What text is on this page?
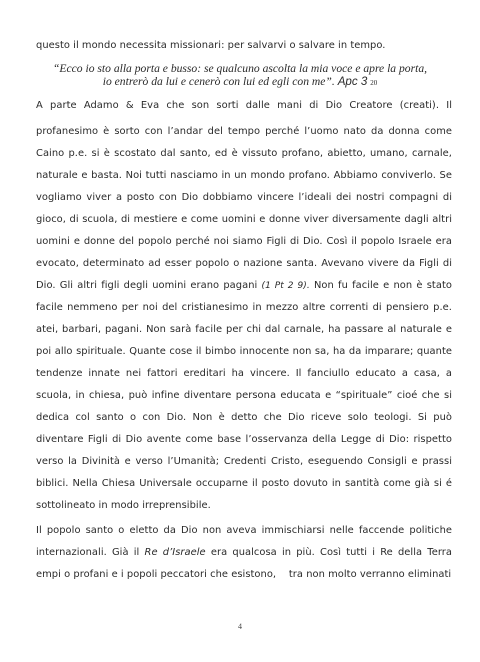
questo il mondo necessita missionari: per salvarvi o salvare in tempo.
“Ecco io sto alla porta e busso: se qualcuno ascolta la mia voce e apre la porta,
io entrerò da lui e cenerò con lui ed egli con me”. Apc 3 20
A parte Adamo & Eva che son sorti dalle mani di Dio Creatore (creati). Il
profanesimo è sorto con l’andar del tempo perché l’uomo nato da donna come
Caino p.e. si è scostato dal santo, ed è vissuto profano, abietto, umano, carnale,
naturale e basta. Noi tutti nasciamo in un mondo profano. Abbiamo conviverlo. Se
vogliamo viver a posto con Dio dobbiamo vincere l’ideali dei nostri compagni di
gioco, di scuola, di mestiere e come uomini e donne viver diversamente dagli altri
uomini e donne del popolo perché noi siamo Figli di Dio. Così il popolo Israele era
evocato, determinato ad esser popolo o nazione santa. Avevano vivere da Figli di
Dio. Gli altri figli degli uomini erano pagani (1 Pt 2 9). Non fu facile e non è stato
facile nemmeno per noi del cristianesimo in mezzo altre correnti di pensiero p.e.
atei, barbari, pagani. Non sarà facile per chi dal carnale, ha passare al naturale e
poi allo spirituale. Quante cose il bimbo innocente non sa, ha da imparare; quante
tendenze innate nei fattori ereditari ha vincere. Il fanciullo educato a casa, a
scuola, in chiesa, può infine diventare persona educata e “spirituale” cioé che si
dedica col santo o con Dio. Non è detto che Dio riceve solo teologi. Si può
diventare Figli di Dio avente come base l’osservanza della Legge di Dio: rispetto
verso la Divinità e verso l’Umanità; Credenti Cristo, eseguendo Consigli e prassi
biblici. Nella Chiesa Universale occuparne il posto dovuto in santità come già si é
sottolineato in modo irreprensibile.
Il popolo santo o eletto da Dio non aveva immischiarsi nelle faccende politiche
internazionali. Già il Re d’Israele era qualcosa in più. Così tutti i Re della Terra
empi o profani e i popoli peccatori che esistono,    tra non molto verranno eliminati
4
